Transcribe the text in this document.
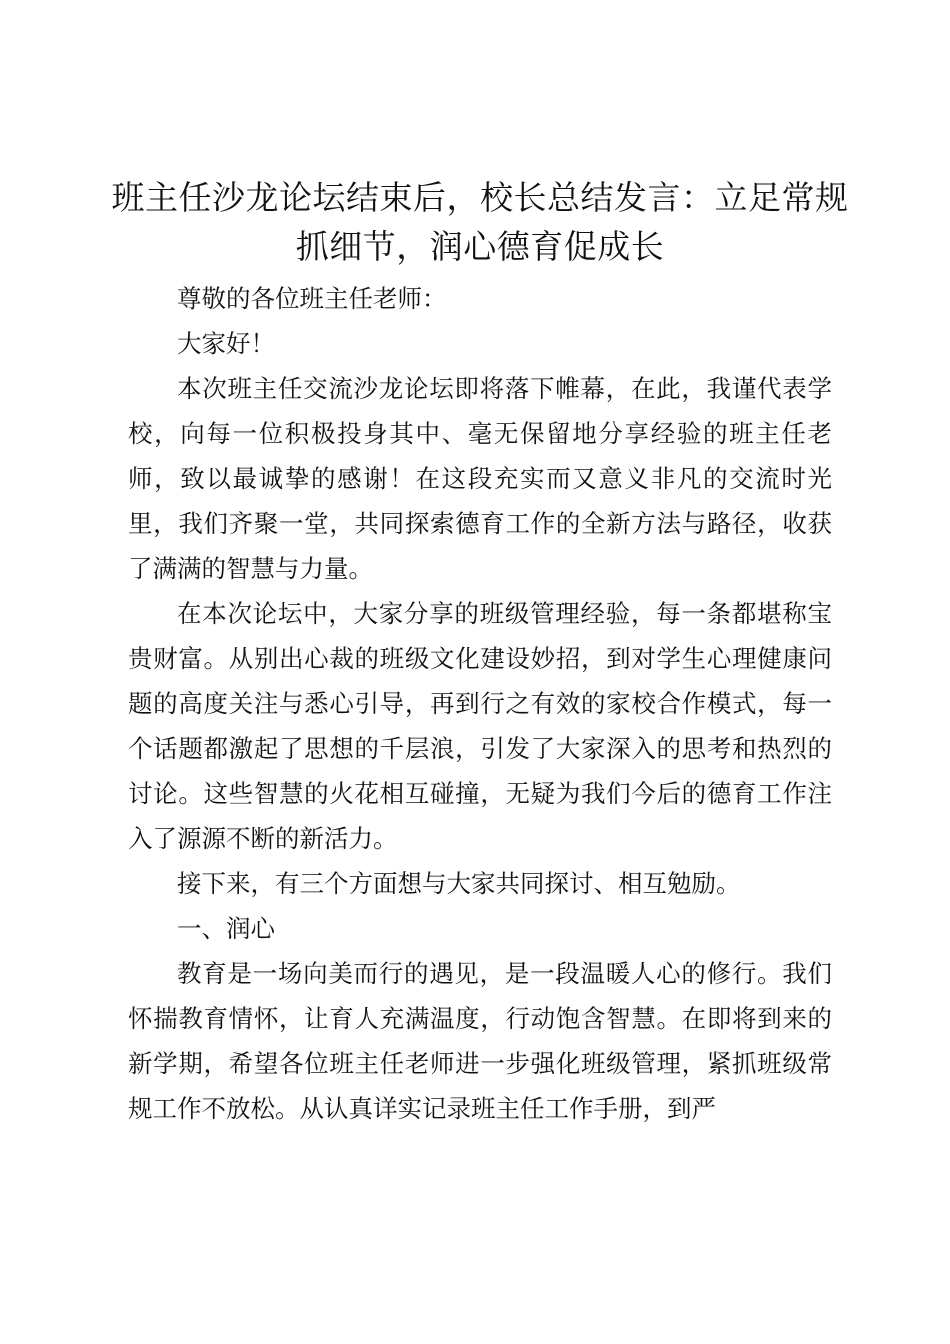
班主任沙龙论坛结束后，校长总结发言：立足常规抓细节，润心德育促成长

尊敬的各位班主任老师：

大家好！

本次班主任交流沙龙论坛即将落下帷幕，在此，我谨代表学校，向每一位积极投身其中、毫无保留地分享经验的班主任老师，致以最诚挚的感谢！在这段充实而又意义非凡的交流时光里，我们齐聚一堂，共同探索德育工作的全新方法与路径，收获了满满的智慧与力量。

在本次论坛中，大家分享的班级管理经验，每一条都堪称宝贵财富。从别出心裁的班级文化建设妙招，到对学生心理健康问题的高度关注与悉心引导，再到行之有效的家校合作模式，每一个话题都激起了思想的千层浪，引发了大家深入的思考和热烈的讨论。这些智慧的火花相互碰撞，无疑为我们今后的德育工作注入了源源不断的新活力。

接下来，有三个方面想与大家共同探讨、相互勉励。

一、润心

教育是一场向美而行的遇见，是一段温暖人心的修行。我们怀揣教育情怀，让育人充满温度，行动饱含智慧。在即将到来的新学期，希望各位班主任老师进一步强化班级管理，紧抓班级常规工作不放松。从认真详实记录班主任工作手册，到严
